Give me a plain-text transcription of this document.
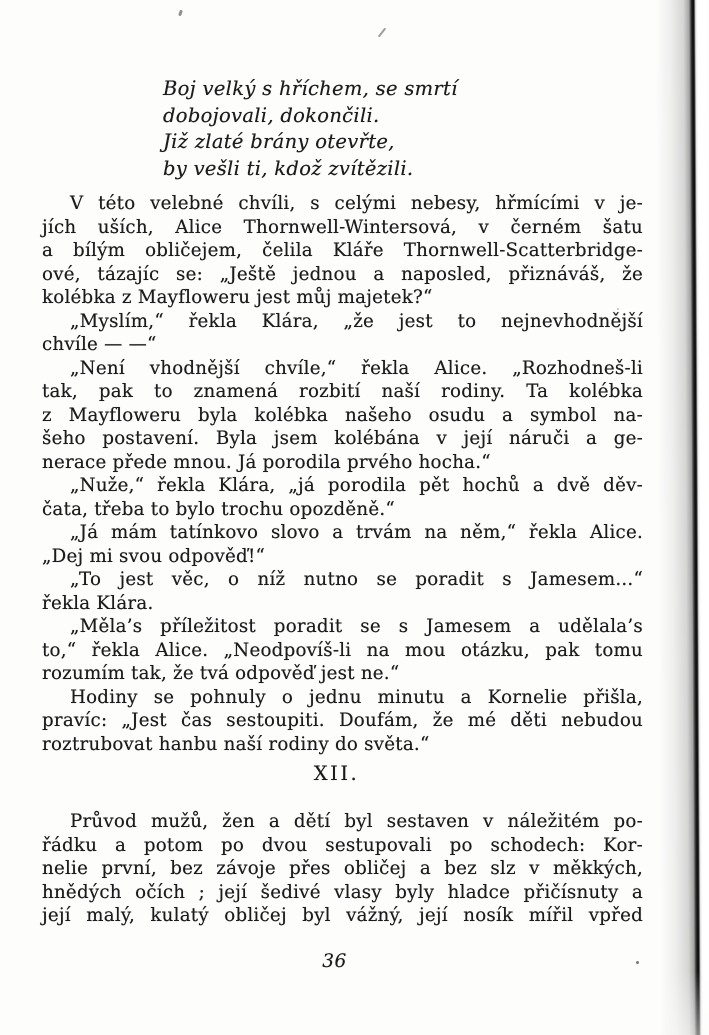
Boj velký s hříchem, se smrtí
dobojovali, dokončili.
Již zlaté brány otevřte,
by vešli ti, kdož zvítězili.
V této velebné chvíli, s celými nebesy, hřmícími v je-
jích uších, Alice Thornwell-Wintersová, v černém šatu
a bílým obličejem, čelila Kláře Thornwell-Scatterbridge-
ové, tázajíc se: „Ještě jednou a naposled, přiznáváš, že
kolébka z Mayfloweru jest můj majetek?“
„Myslím,“ řekla Klára, „že jest to nejnevhodnější
chvíle — —“
„Není vhodnější chvíle,“ řekla Alice. „Rozhodneš-li
tak, pak to znamená rozbití naší rodiny. Ta kolébka
z Mayfloweru byla kolébka našeho osudu a symbol na-
šeho postavení. Byla jsem kolébána v její náruči a ge-
nerace přede mnou. Já porodila prvého hocha.“
„Nuže,“ řekla Klára, „já porodila pět hochů a dvě děv-
čata, třeba to bylo trochu opozděně.“
„Já mám tatínkovo slovo a trvám na něm,“ řekla Alice.
„Dej mi svou odpověď!“
„To jest věc, o níž nutno se poradit s Jamesem...“
řekla Klára.
„Měla’s příležitost poradit se s Jamesem a udělala’s
to,“ řekla Alice. „Neodpovíš-li na mou otázku, pak tomu
rozumím tak, že tvá odpověď jest ne.“
Hodiny se pohnuly o jednu minutu a Kornelie přišla,
pravíc: „Jest čas sestoupiti. Doufám, že mé děti nebudou
roztrubovat hanbu naší rodiny do světa.“
XII.
Průvod mužů, žen a dětí byl sestaven v náležitém po-
řádku a potom po dvou sestupovali po schodech: Kor-
nelie první, bez závoje přes obličej a bez slz v měkkých,
hnědých očích ; její šedivé vlasy byly hladce přičísnuty a
její malý, kulatý obličej byl vážný, její nosík mířil vpřed
36
